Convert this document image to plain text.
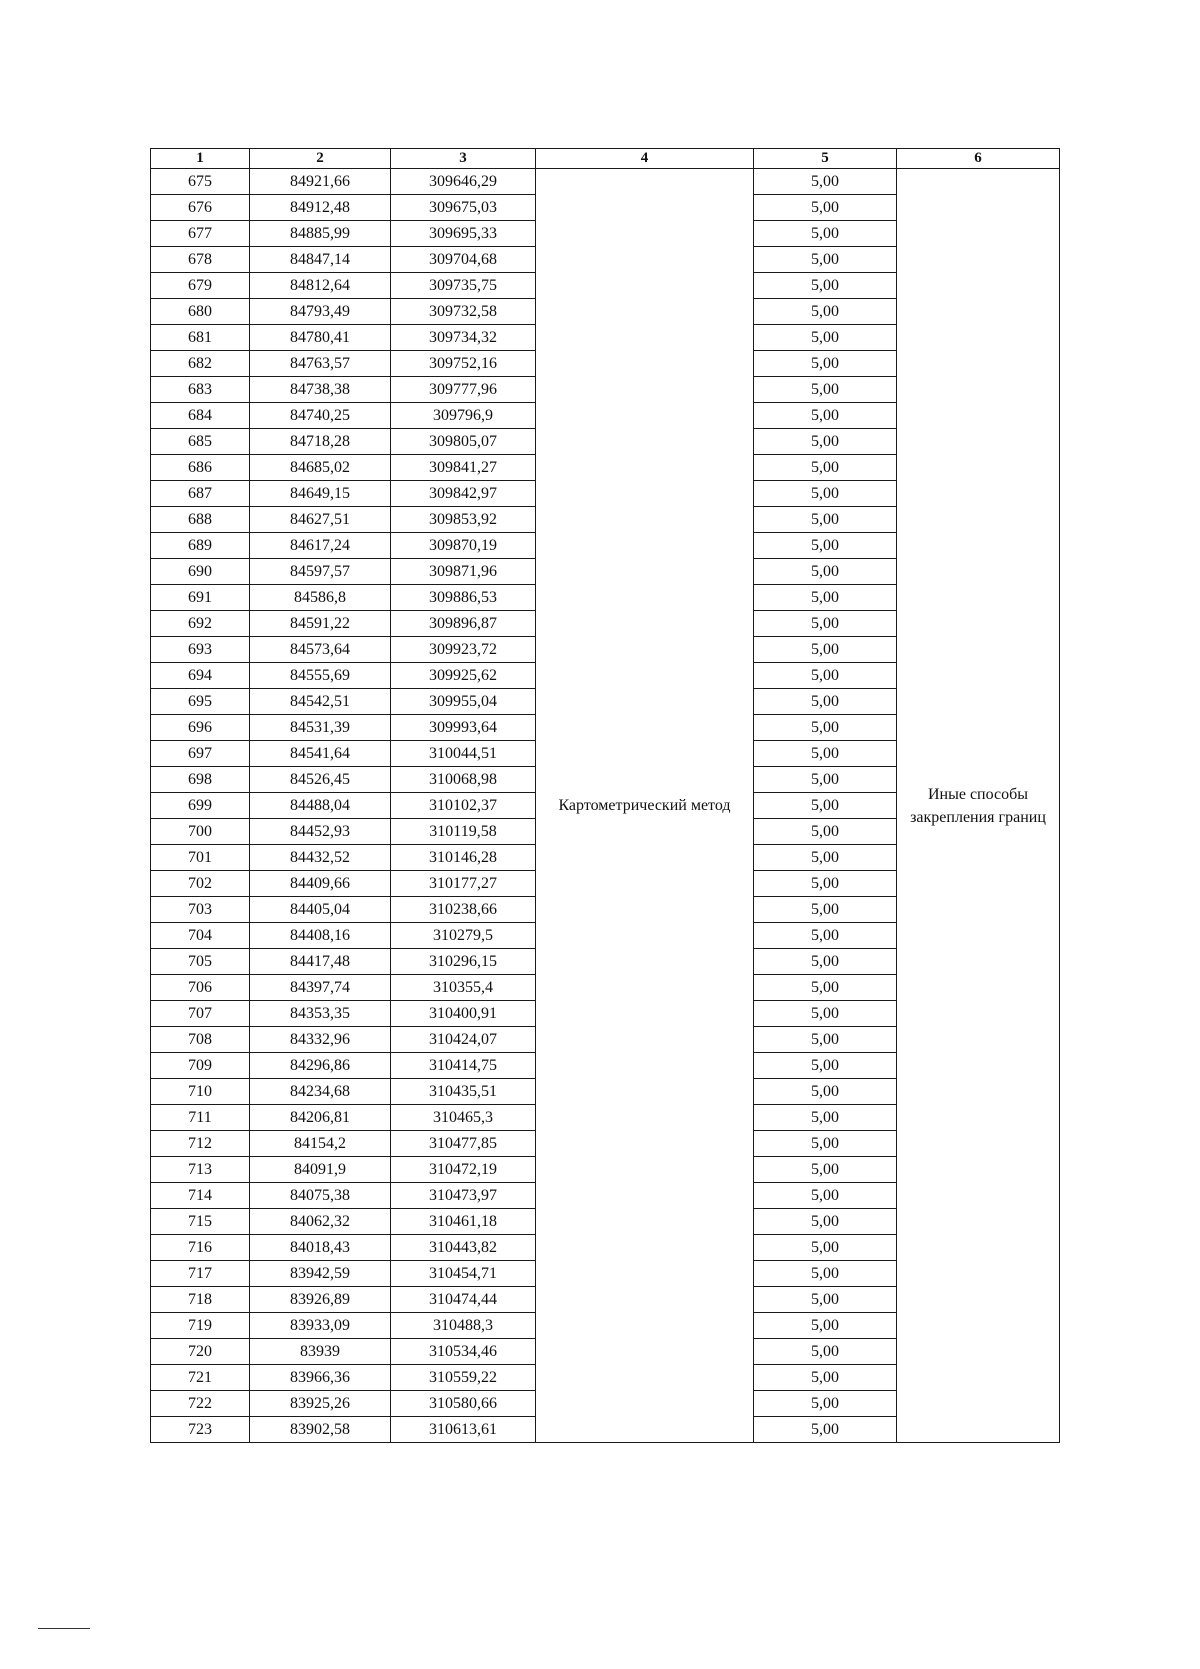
1	2	3	4	5	6
675	84921,66	309646,29	Картометрический метод	5,00	Иные способы закрепления границ
676	84912,48	309675,03		5,00	
677	84885,99	309695,33		5,00	
678	84847,14	309704,68		5,00	
679	84812,64	309735,75		5,00	
680	84793,49	309732,58		5,00	
681	84780,41	309734,32		5,00	
682	84763,57	309752,16		5,00	
683	84738,38	309777,96		5,00	
684	84740,25	309796,9		5,00	
685	84718,28	309805,07		5,00	
686	84685,02	309841,27		5,00	
687	84649,15	309842,97		5,00	
688	84627,51	309853,92		5,00	
689	84617,24	309870,19		5,00	
690	84597,57	309871,96		5,00	
691	84586,8	309886,53		5,00	
692	84591,22	309896,87		5,00	
693	84573,64	309923,72		5,00	
694	84555,69	309925,62		5,00	
695	84542,51	309955,04		5,00	
696	84531,39	309993,64		5,00	
697	84541,64	310044,51		5,00	
698	84526,45	310068,98		5,00	
699	84488,04	310102,37		5,00	
700	84452,93	310119,58		5,00	
701	84432,52	310146,28		5,00	
702	84409,66	310177,27		5,00	
703	84405,04	310238,66		5,00	
704	84408,16	310279,5		5,00	
705	84417,48	310296,15		5,00	
706	84397,74	310355,4		5,00	
707	84353,35	310400,91		5,00	
708	84332,96	310424,07		5,00	
709	84296,86	310414,75		5,00	
710	84234,68	310435,51		5,00	
711	84206,81	310465,3		5,00	
712	84154,2	310477,85		5,00	
713	84091,9	310472,19		5,00	
714	84075,38	310473,97		5,00	
715	84062,32	310461,18		5,00	
716	84018,43	310443,82		5,00	
717	83942,59	310454,71		5,00	
718	83926,89	310474,44		5,00	
719	83933,09	310488,3		5,00	
720	83939	310534,46		5,00	
721	83966,36	310559,22		5,00	
722	83925,26	310580,66		5,00	
723	83902,58	310613,61		5,00	
